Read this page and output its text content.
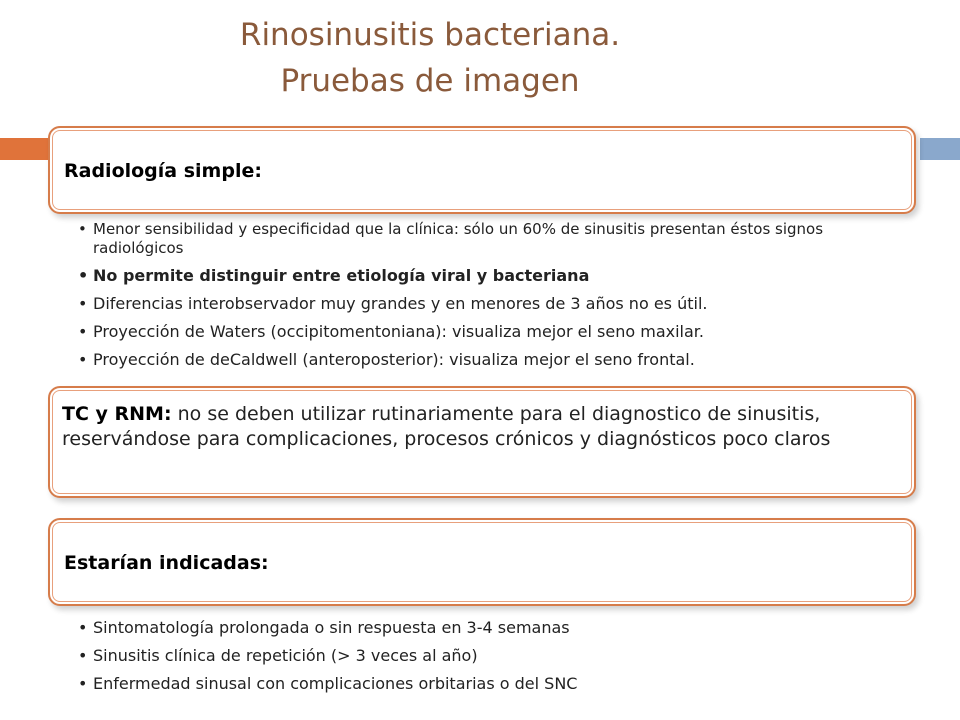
Rinosinusitis bacteriana.
Pruebas de imagen
Radiología simple:
• Menor sensibilidad y especificidad que la clínica: sólo un 60% de sinusitis presentan éstos signos radiológicos
• No permite distinguir entre etiología viral y bacteriana
• Diferencias interobservador muy grandes y en menores de 3 años no es útil.
• Proyección de Waters (occipitomentoniana): visualiza mejor el seno maxilar.
• Proyección de deCaldwell (anteroposterior): visualiza mejor el seno frontal.
TC y RNM: no se deben utilizar rutinariamente para el diagnostico de sinusitis, reservándose para complicaciones, procesos crónicos y diagnósticos poco claros
Estarían indicadas:
• Sintomatología prolongada o sin respuesta en 3-4 semanas
• Sinusitis clínica de repetición (> 3 veces al año)
• Enfermedad sinusal con complicaciones orbitarias o del SNC
